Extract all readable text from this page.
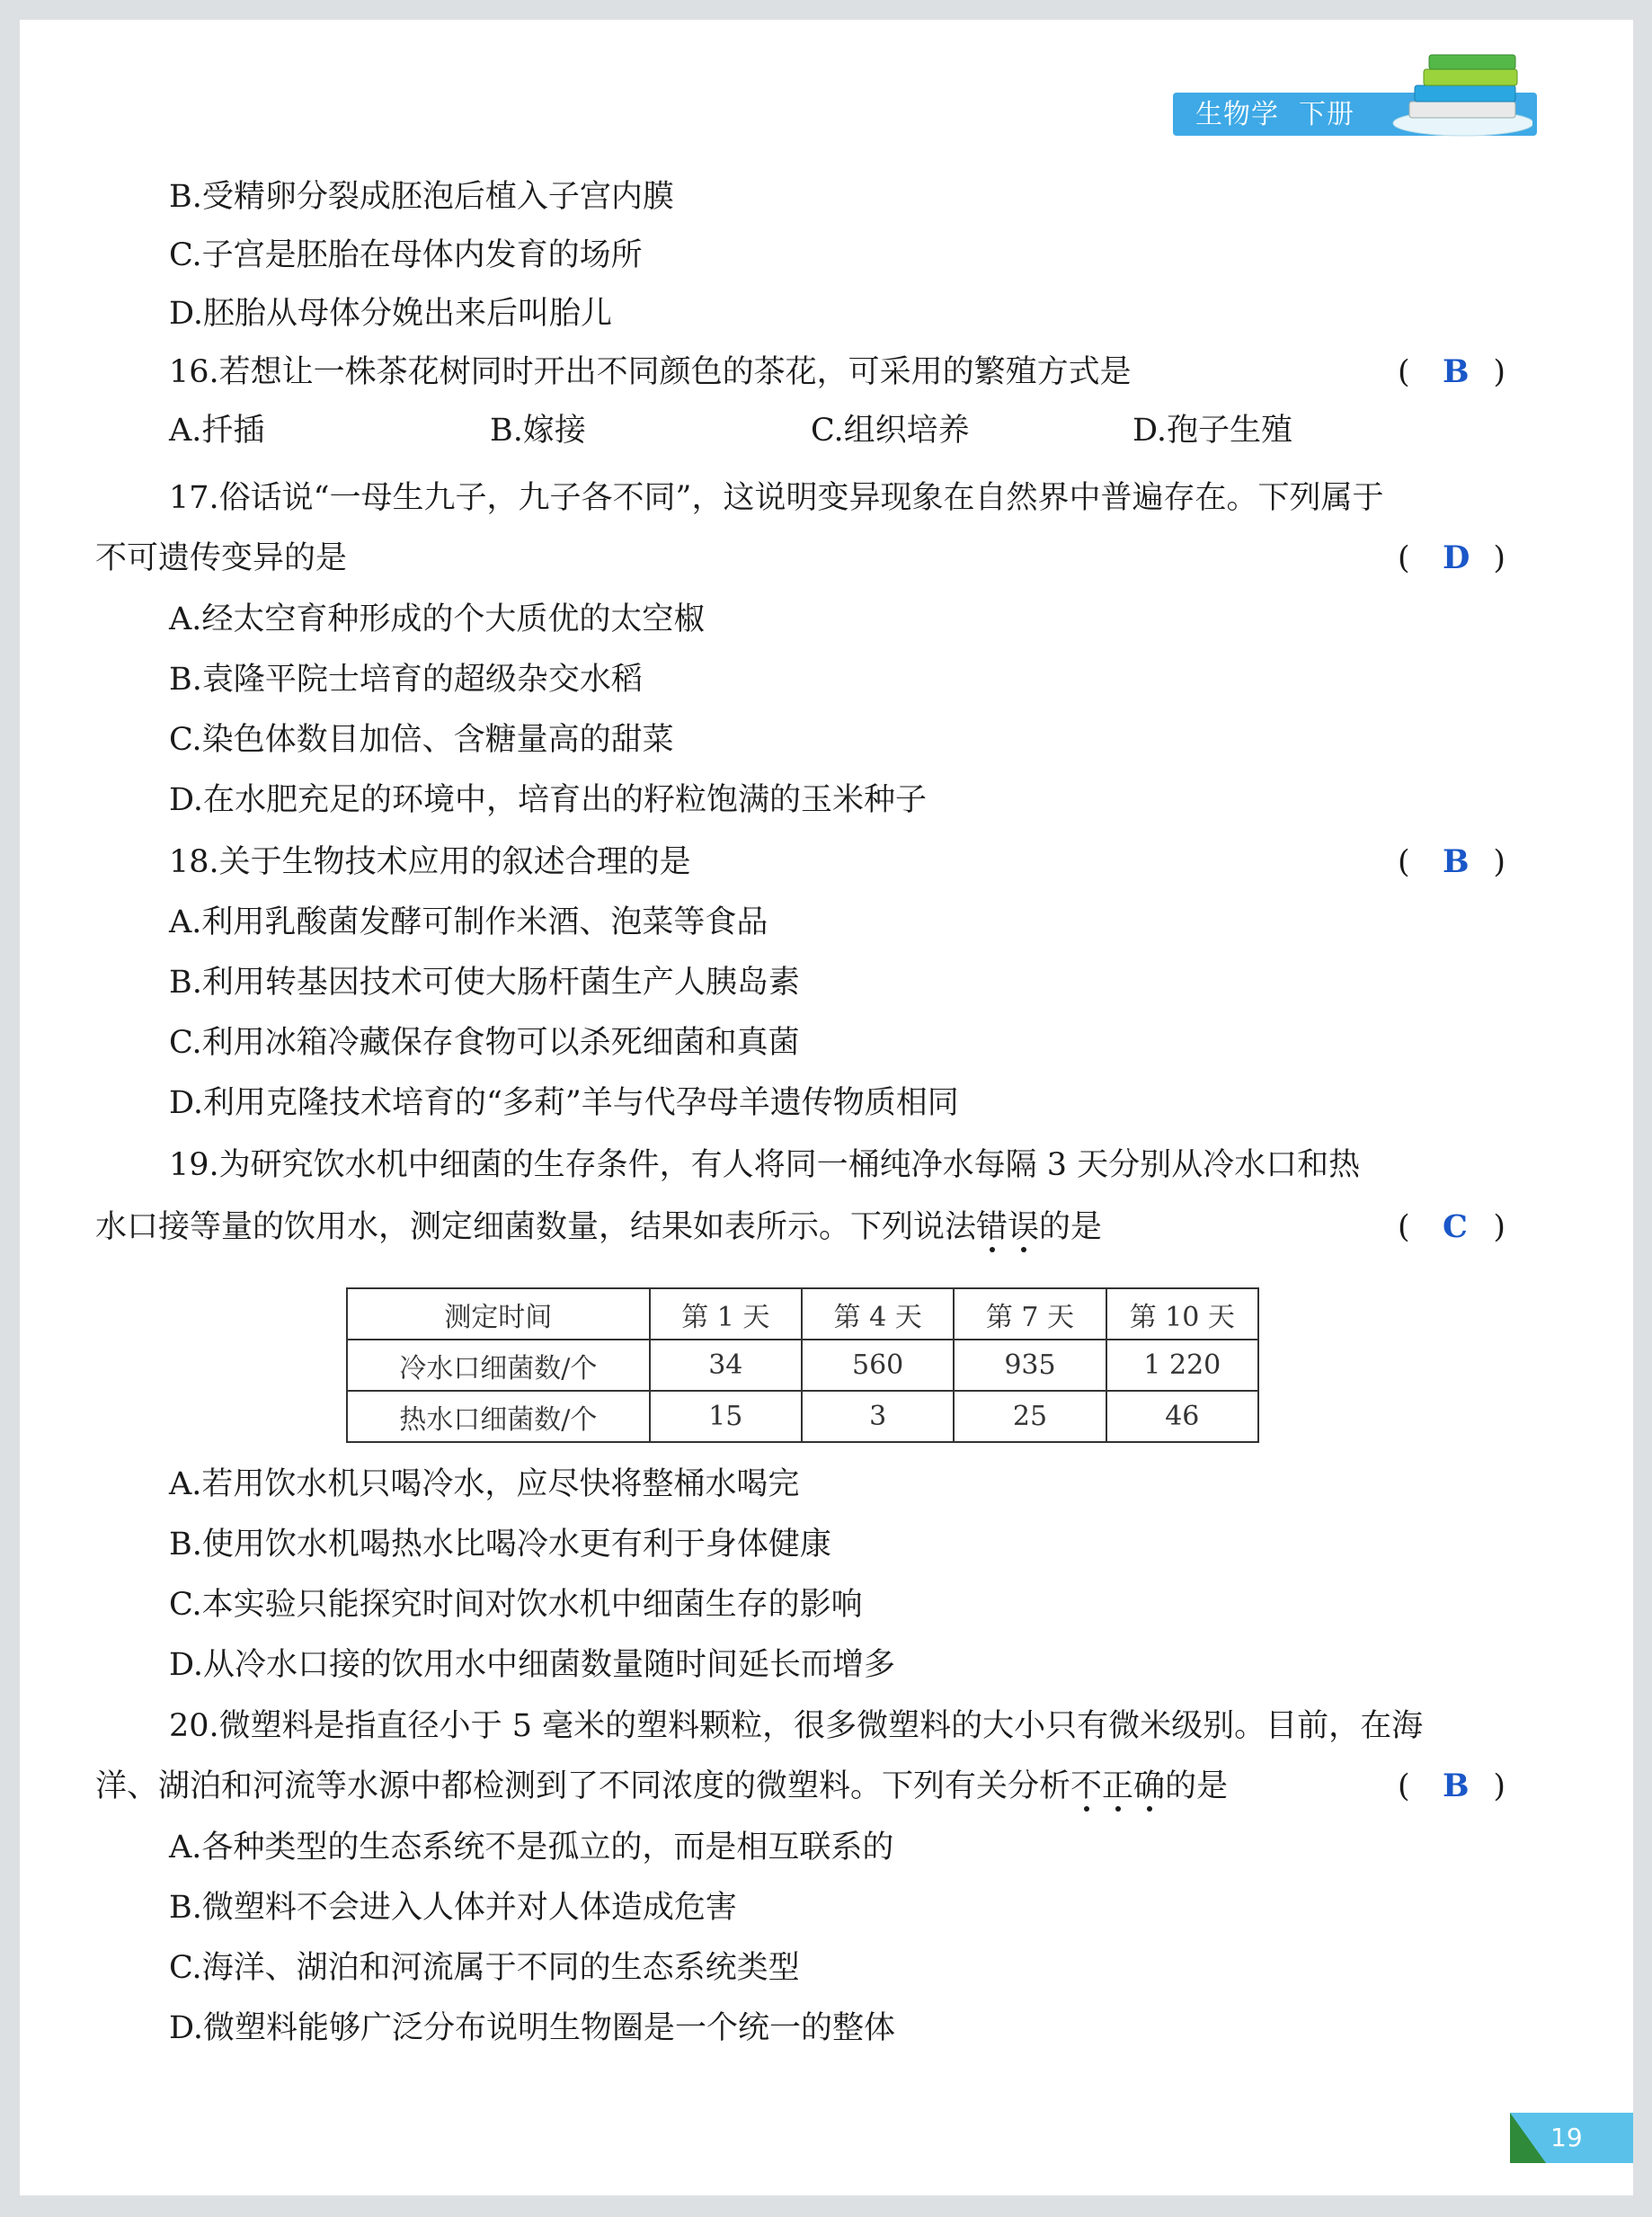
生物学 下册
B.受精卵分裂成胚泡后植入子宫内膜
C.子宫是胚胎在母体内发育的场所
D.胚胎从母体分娩出来后叫胎儿
16.若想让一株茶花树同时开出不同颜色的茶花，可采用的繁殖方式是	( B )
A.扦插	B.嫁接	C.组织培养	D.孢子生殖
17.俗话说“一母生九子，九子各不同”，这说明变异现象在自然界中普遍存在。下列属于
不可遗传变异的是	( D )
A.经太空育种形成的个大质优的太空椒
B.袁隆平院士培育的超级杂交水稻
C.染色体数目加倍、含糖量高的甜菜
D.在水肥充足的环境中，培育出的籽粒饱满的玉米种子
18.关于生物技术应用的叙述合理的是	( B )
A.利用乳酸菌发酵可制作米酒、泡菜等食品
B.利用转基因技术可使大肠杆菌生产人胰岛素
C.利用冰箱冷藏保存食物可以杀死细菌和真菌
D.利用克隆技术培育的“多莉”羊与代孕母羊遗传物质相同
19.为研究饮水机中细菌的生存条件，有人将同一桶纯净水每隔 3 天分别从冷水口和热
水口接等量的饮用水，测定细菌数量，结果如表所示。下列说法错误的是	( C )
测定时间	第 1 天	第 4 天	第 7 天	第 10 天
冷水口细菌数/个	34	560	935	1 220
热水口细菌数/个	15	3	25	46
A.若用饮水机只喝冷水，应尽快将整桶水喝完
B.使用饮水机喝热水比喝冷水更有利于身体健康
C.本实验只能探究时间对饮水机中细菌生存的影响
D.从冷水口接的饮用水中细菌数量随时间延长而增多
20.微塑料是指直径小于 5 毫米的塑料颗粒，很多微塑料的大小只有微米级别。目前，在海
洋、湖泊和河流等水源中都检测到了不同浓度的微塑料。下列有关分析不正确的是	( B )
A.各种类型的生态系统不是孤立的，而是相互联系的
B.微塑料不会进入人体并对人体造成危害
C.海洋、湖泊和河流属于不同的生态系统类型
D.微塑料能够广泛分布说明生物圈是一个统一的整体
19
